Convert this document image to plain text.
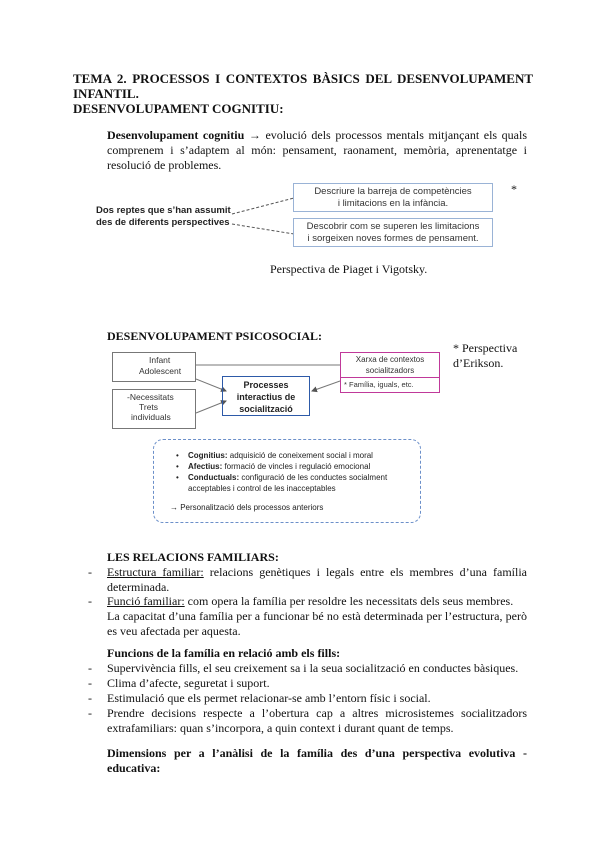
TEMA 2. PROCESSOS I CONTEXTOS BÀSICS DEL DESENVOLUPAMENT
INFANTIL.
DESENVOLUPAMENT COGNITIU:
Desenvolupament cognitiu → evolució dels processos mentals mitjançant els quals comprenem i s’adaptem al món: pensament, raonament, memòria, aprenentatge i resolució de problemes.
Dos reptes que s’han assumit
des de diferents perspectives
Descriure la barreja de competències
i limitacions en la infància.
Descobrir com se superen les limitacions
i sorgeixen noves formes de pensament.
*
Perspectiva de Piaget i Vigotsky.
DESENVOLUPAMENT PSICOSOCIAL:
* Perspectiva
d’Erikson.
Infant
Adolescent
-Necessitats
Trets
individuals
Processes
interactius de
socialització
Xarxa de contextos
socialitzadors
* Família, iguals, etc.
• Cognitius: adquisició de coneixement social i moral
• Afectius: formació de vincles i regulació emocional
• Conductuals: configuració de les conductes socialment
acceptables i control de les inacceptables
→ Personalització dels processos anteriors
LES RELACIONS FAMILIARS:
- Estructura familiar: relacions genètiques i legals entre els membres d’una família determinada.
- Funció familiar: com opera la família per resoldre les necessitats dels seus membres.
La capacitat d’una família per a funcionar bé no està determinada per l’estructura, però es veu afectada per aquesta.
Funcions de la família en relació amb els fills:
- Supervivència fills, el seu creixement sa i la seua socialització en conductes bàsiques.
- Clima d’afecte, seguretat i suport.
- Estimulació que els permet relacionar-se amb l’entorn físic i social.
- Prendre decisions respecte a l’obertura cap a altres microsistemes socialitzadors extrafamiliars: quan s’incorpora, a quin context i durant quant de temps.
Dimensions per a l’anàlisi de la família des d’una perspectiva evolutiva - educativa:
